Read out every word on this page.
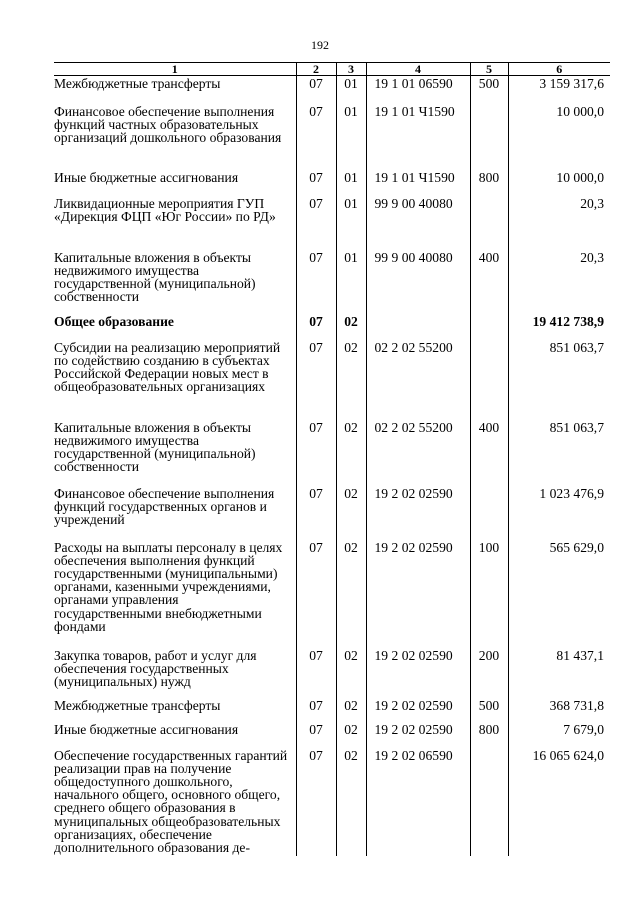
192
1	2	3	4	5	6
Межбюджетные трансферты	07	01	19 1 01 06590	500	3 159 317,6
Финансовое обеспечение выполнения функций частных образовательных организаций дошкольного образования	07	01	19 1 01 Ч1590		10 000,0
Иные бюджетные ассигнования	07	01	19 1 01 Ч1590	800	10 000,0
Ликвидационные мероприятия ГУП «Дирекция ФЦП «Юг России» по РД»	07	01	99 9 00 40080		20,3
Капитальные вложения в объекты недвижимого имущества государственной (муниципальной) собственности	07	01	99 9 00 40080	400	20,3
Общее образование	07	02			19 412 738,9
Субсидии на реализацию мероприятий по содействию созданию в субъектах Российской Федерации новых мест в общеобразовательных организациях	07	02	02 2 02 55200		851 063,7
Капитальные вложения в объекты недвижимого имущества государственной (муниципальной) собственности	07	02	02 2 02 55200	400	851 063,7
Финансовое обеспечение выполнения функций государственных органов и учреждений	07	02	19 2 02 02590		1 023 476,9
Расходы на выплаты персоналу в целях обеспечения выполнения функций государственными (муниципальными) органами, казенными учреждениями, органами управления государственными внебюджетными фондами	07	02	19 2 02 02590	100	565 629,0
Закупка товаров, работ и услуг для обеспечения государственных (муниципальных) нужд	07	02	19 2 02 02590	200	81 437,1
Межбюджетные трансферты	07	02	19 2 02 02590	500	368 731,8
Иные бюджетные ассигнования	07	02	19 2 02 02590	800	7 679,0
Обеспечение государственных гарантий реализации прав на получение общедоступного дошкольного, начального общего, основного общего, среднего общего образования в муниципальных общеобразовательных организациях, обеспечение дополнительного образования де-	07	02	19 2 02 06590		16 065 624,0
